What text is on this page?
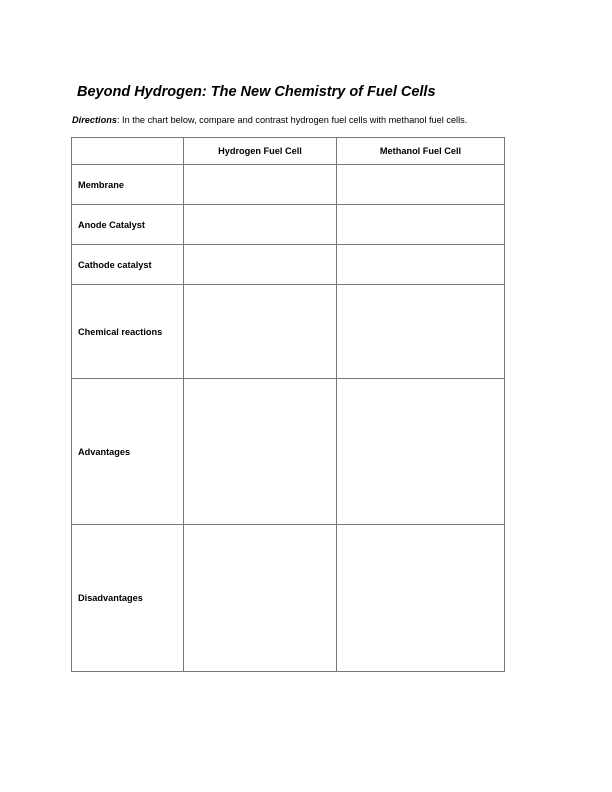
Beyond Hydrogen: The New Chemistry of Fuel Cells
Directions: In the chart below, compare and contrast hydrogen fuel cells with methanol fuel cells.
	Hydrogen Fuel Cell	Methanol Fuel Cell
Membrane		
Anode Catalyst		
Cathode catalyst		
Chemical reactions		
Advantages		
Disadvantages		
